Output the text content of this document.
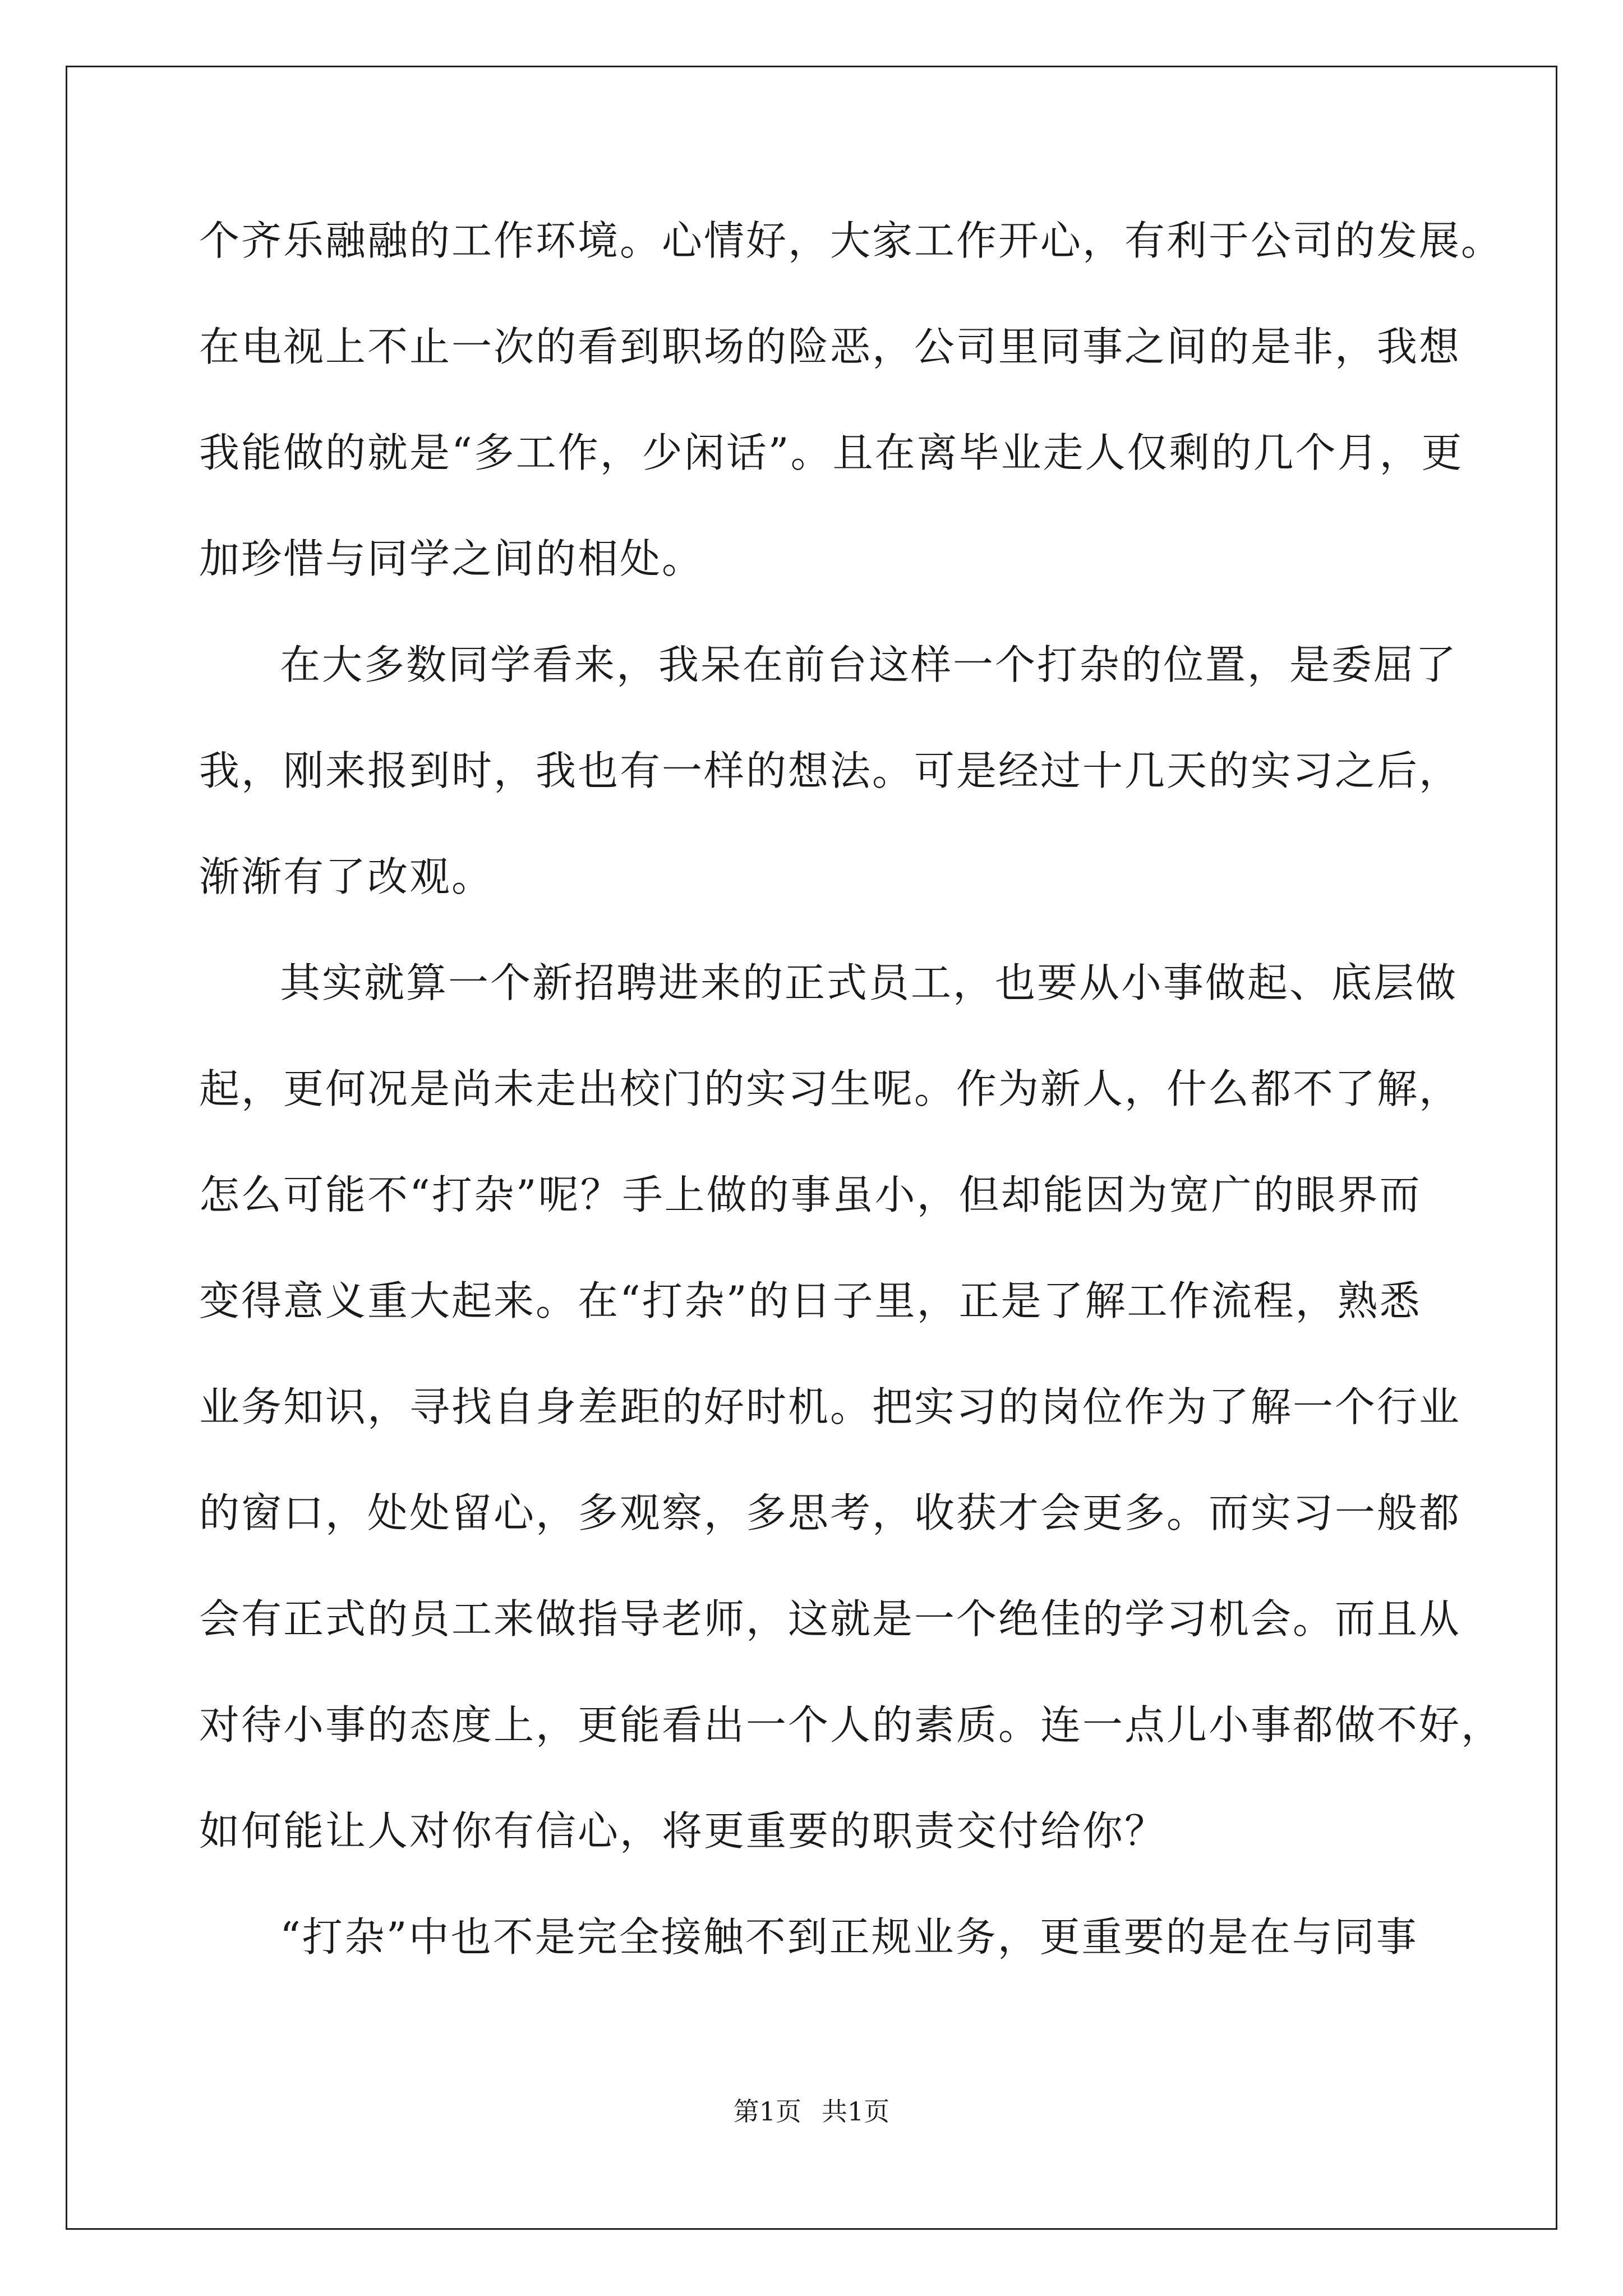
个齐乐融融的工作环境。心情好，大家工作开心，有利于公司的发展。
在电视上不止一次的看到职场的险恶，公司里同事之间的是非，我想
我能做的就是“多工作，少闲话”。且在离毕业走人仅剩的几个月，更
加珍惜与同学之间的相处。
在大多数同学看来，我呆在前台这样一个打杂的位置，是委屈了
我，刚来报到时，我也有一样的想法。可是经过十几天的实习之后，
渐渐有了改观。
其实就算一个新招聘进来的正式员工，也要从小事做起、底层做
起，更何况是尚未走出校门的实习生呢。作为新人，什么都不了解，
怎么可能不“打杂”呢？手上做的事虽小，但却能因为宽广的眼界而
变得意义重大起来。在“打杂”的日子里，正是了解工作流程，熟悉
业务知识，寻找自身差距的好时机。把实习的岗位作为了解一个行业
的窗口，处处留心，多观察，多思考，收获才会更多。而实习一般都
会有正式的员工来做指导老师，这就是一个绝佳的学习机会。而且从
对待小事的态度上，更能看出一个人的素质。连一点儿小事都做不好，
如何能让人对你有信心，将更重要的职责交付给你？
“打杂”中也不是完全接触不到正规业务，更重要的是在与同事
第1页 共1页
